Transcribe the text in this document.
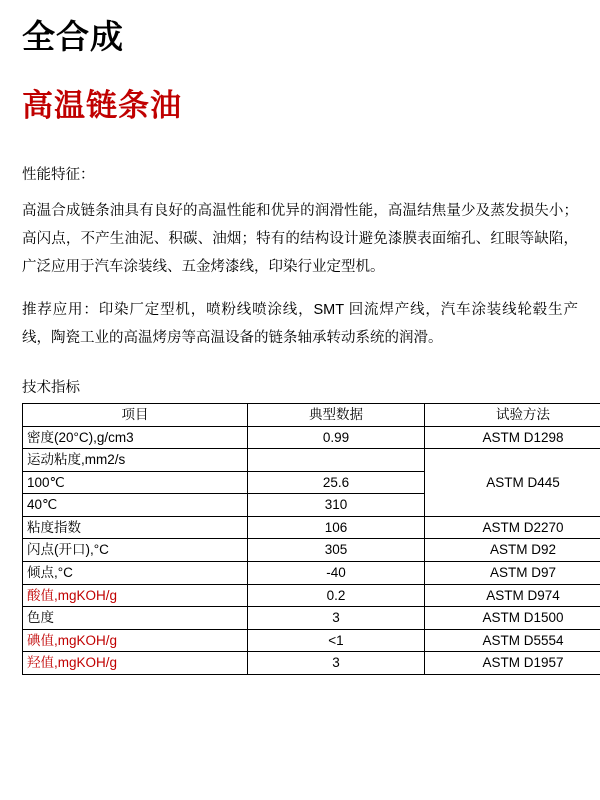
全合成
高温链条油
性能特征：
高温合成链条油具有良好的高温性能和优异的润滑性能，高温结焦量少及蒸发损失小；高闪点，不产生油泥、积碳、油烟；特有的结构设计避免漆膜表面缩孔、红眼等缺陷，广泛应用于汽车涂装线、五金烤漆线，印染行业定型机。
推荐应用：印染厂定型机，喷粉线喷涂线，SMT 回流焊产线，汽车涂装线轮毂生产线，陶瓷工业的高温烤房等高温设备的链条轴承转动系统的润滑。
技术指标
项目	典型数据	试验方法
密度(20°C),g/cm3	0.99	ASTM D1298
运动粘度,mm2/s		ASTM D445
100℃	25.6	
40℃	310	
粘度指数	106	ASTM D2270
闪点(开口),°C	305	ASTM D92
倾点,°C	-40	ASTM D97
酸值,mgKOH/g	0.2	ASTM D974
色度	3	ASTM D1500
碘值,mgKOH/g	<1	ASTM D5554
羟值,mgKOH/g	3	ASTM D1957
